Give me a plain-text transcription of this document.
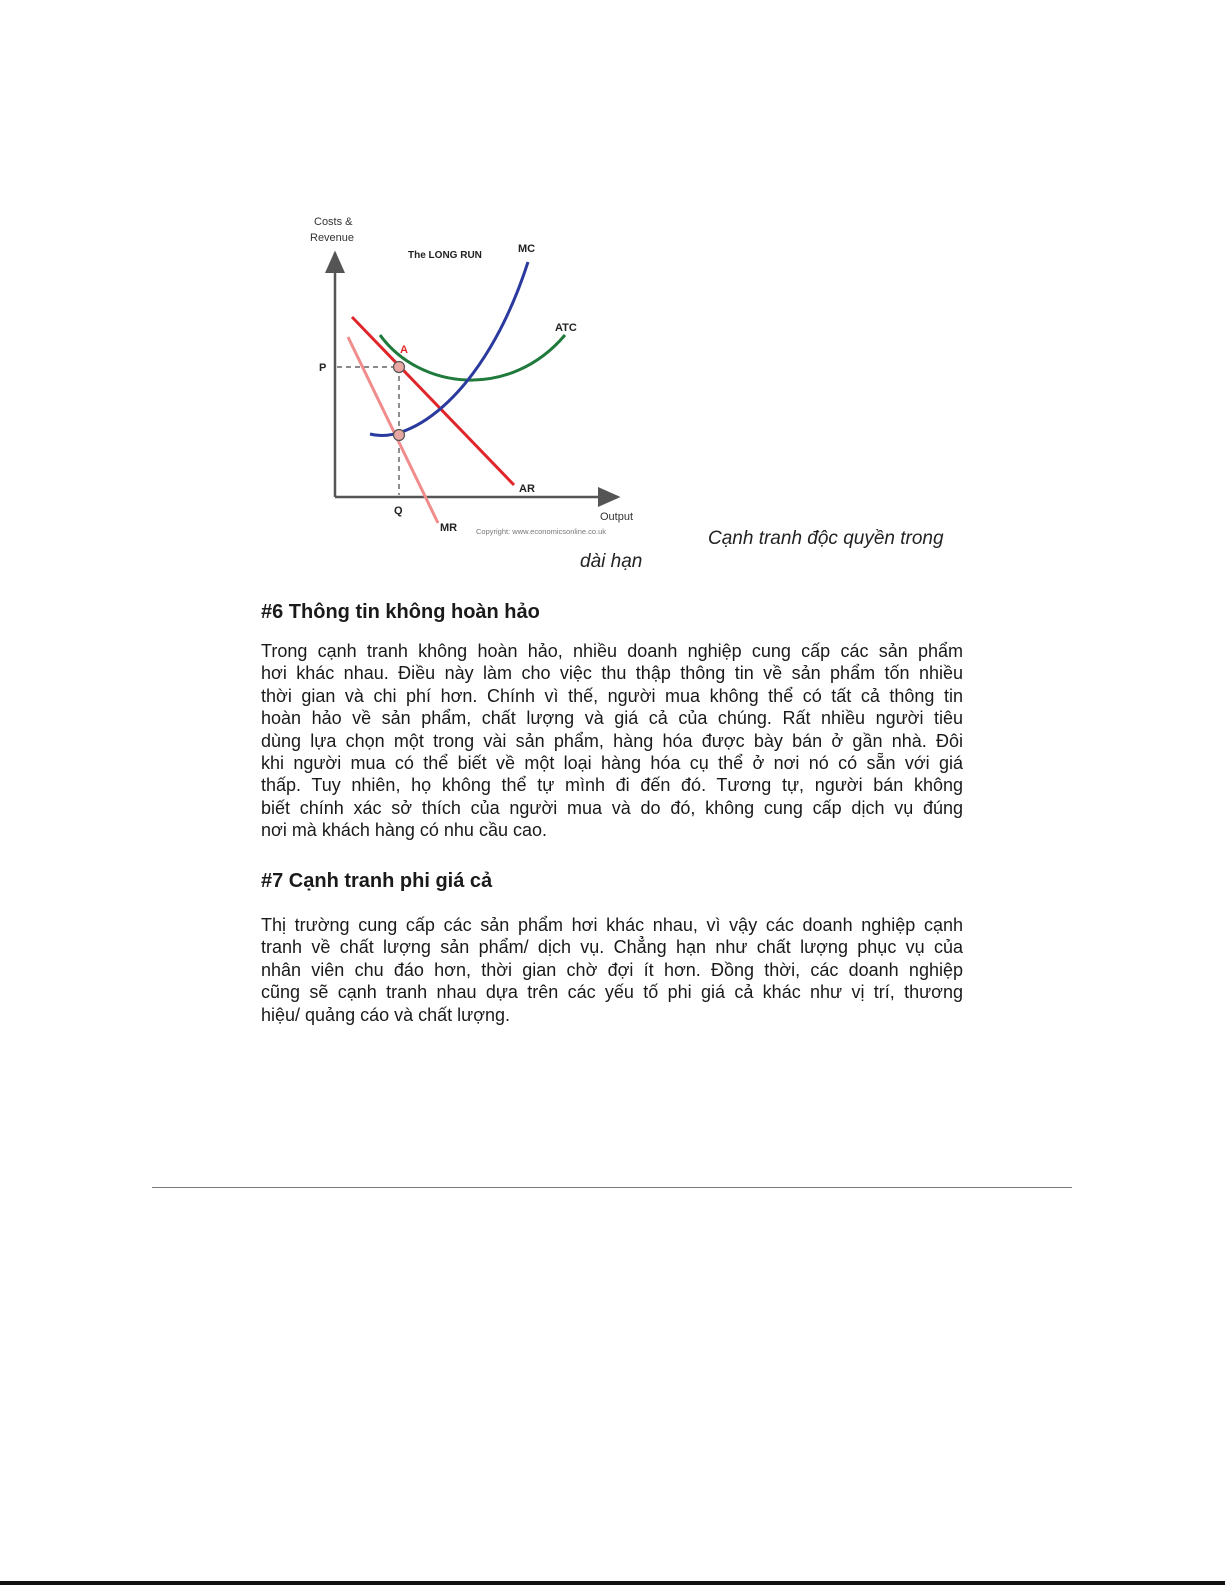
Costs &
Revenue
The LONG RUN
Output
MC
ATC
AR
MR
A
P
Q
Copyright: www.economicsonline.co.uk	Cạnh tranh độc quyền trong
dài hạn
#6 Thông tin không hoàn hảo
Trong cạnh tranh không hoàn hảo, nhiều doanh nghiệp cung cấp các sản phẩm
hơi khác nhau. Điều này làm cho việc thu thập thông tin về sản phẩm tốn nhiều
thời gian và chi phí hơn. Chính vì thế, người mua không thể có tất cả thông tin
hoàn hảo về sản phẩm, chất lượng và giá cả của chúng. Rất nhiều người tiêu
dùng lựa chọn một trong vài sản phẩm, hàng hóa được bày bán ở gần nhà. Đôi
khi người mua có thể biết về một loại hàng hóa cụ thể ở nơi nó có sẵn với giá
thấp. Tuy nhiên, họ không thể tự mình đi đến đó. Tương tự, người bán không
biết chính xác sở thích của người mua và do đó, không cung cấp dịch vụ đúng
nơi mà khách hàng có nhu cầu cao.
#7 Cạnh tranh phi giá cả
Thị trường cung cấp các sản phẩm hơi khác nhau, vì vậy các doanh nghiệp cạnh
tranh về chất lượng sản phẩm/ dịch vụ. Chẳng hạn như chất lượng phục vụ của
nhân viên chu đáo hơn, thời gian chờ đợi ít hơn. Đồng thời, các doanh nghiệp
cũng sẽ cạnh tranh nhau dựa trên các yếu tố phi giá cả khác như vị trí, thương
hiệu/ quảng cáo và chất lượng.
